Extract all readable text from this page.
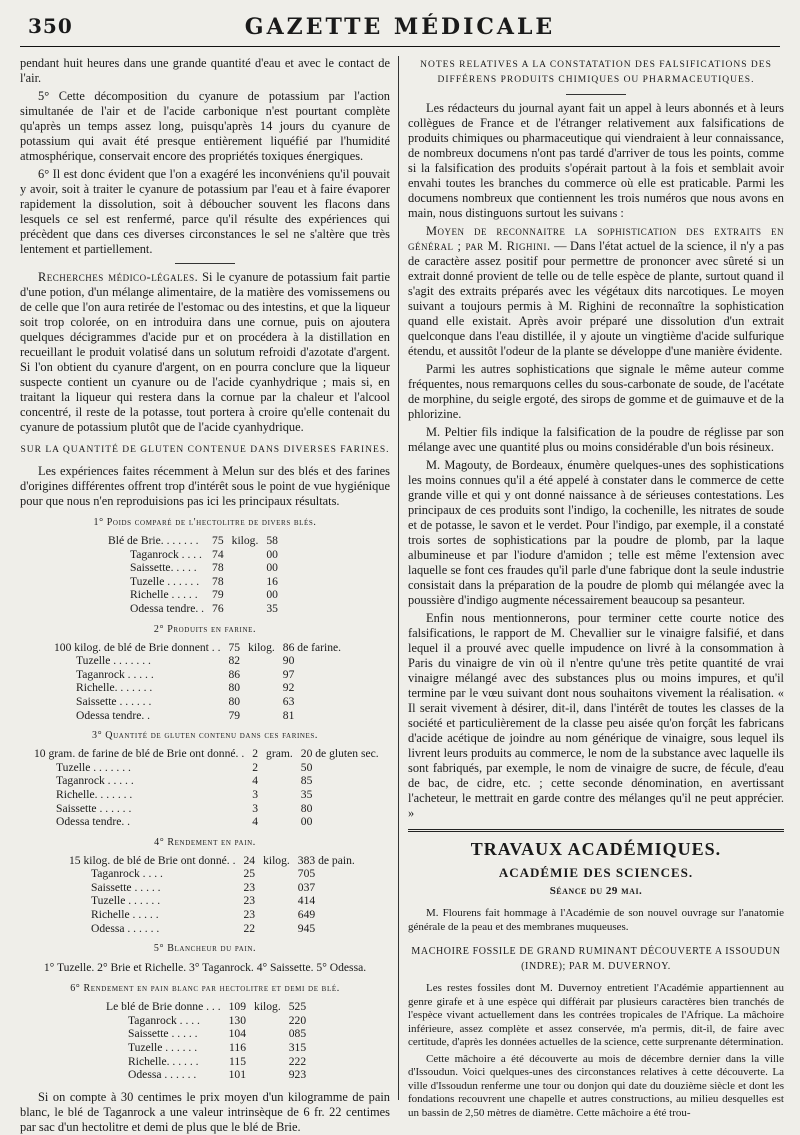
350	GAZETTE MÉDICALE

pendant huit heures dans une grande quantité d'eau et avec le contact de l'air.

5° Cette décomposition du cyanure de potassium par l'action simultanée de l'air et de l'acide carbonique n'est pourtant complète qu'après un temps assez long, puisqu'après 14 jours du cyanure de potassium qui avait été presque entièrement liquéfié par l'humidité atmosphérique, conservait encore des propriétés toxiques énergiques.

6° Il est donc évident que l'on a exagéré les inconvéniens qu'il pouvait y avoir, soit à traiter le cyanure de potassium par l'eau et à faire évaporer rapidement la dissolution, soit à déboucher souvent les flacons dans lesquels ce sel est renfermé, parce qu'il résulte des expériences qui précèdent que dans ces diverses circonstances le sel ne s'altère que très lentement et partiellement.

Recherches médico-légales. Si le cyanure de potassium fait partie d'une potion, d'un mélange alimentaire, de la matière des vomissemens ou de celle que l'on aura retirée de l'estomac ou des intestins, et que la liqueur soit trop colorée, on en introduira dans une cornue, puis on ajoutera quelques décigrammes d'acide pur et on procédera à la distillation en recueillant le produit volatisé dans un solutum refroidi d'azotate d'argent. Si l'on obtient du cyanure d'argent, on en pourra conclure que la liqueur suspecte contient un cyanure ou de l'acide cyanhydrique ; mais si, en traitant la liqueur qui restera dans la cornue par la chaleur et l'alcool concentré, il reste de la potasse, tout portera à croire qu'elle contenait du cyanure de potassium plutôt que de l'acide cyanhydrique.

SUR LA QUANTITÉ DE GLUTEN CONTENUE DANS DIVERSES FARINES.

Les expériences faites récemment à Melun sur des blés et des farines d'origines différentes offrent trop d'intérêt sous le point de vue hygiénique pour que nous n'en reproduisions pas ici les principaux résultats.

1° Poids comparé de l'hectolitre de divers blés.
Blé de Brie. . . . . . .	75	kilog.	58
Taganrock . . . .	74		00
Saissette. . . . .	78		00
Tuzelle . . . . . .	78		16
Richelle . . . . .	79		00
Odessa tendre. .	76		35
2° Produits en farine.
100 kilog. de blé de Brie donnent . .	75	kilog.	86 de farine.
Tuzelle . . . . . . .	82		90
Taganrock . . . . .	86		97
Richelle. . . . . . .	80		92
Saissette . . . . . .	80		63
Odessa tendre. .	79		81
3° Quantité de gluten contenu dans ces farines.
10 gram. de farine de blé de Brie ont donné. .	2	gram.	20 de gluten sec.
Tuzelle . . . . . . .	2		50
Taganrock . . . . .	4		85
Richelle. . . . . . .	3		35
Saissette . . . . . .	3		80
Odessa tendre. .	4		00
4° Rendement en pain.
15 kilog. de blé de Brie ont donné. .	24	kilog.	383 de pain.
Taganrock . . . .	25		705
Saissette . . . . .	23		037
Tuzelle . . . . . .	23		414
Richelle . . . . .	23		649
Odessa . . . . . .	22		945
5° Blancheur du pain.

1° Tuzelle. 2° Brie et Richelle. 3° Taganrock. 4° Saissette. 5° Odessa.

6° Rendement en pain blanc par hectolitre et demi de blé.
Le blé de Brie donne . . .	109	kilog.	525
Taganrock . . . .	130		220
Saissette . . . . .	104		085
Tuzelle . . . . . .	116		315
Richelle. . . . . .	115		222
Odessa . . . . . .	101		923

Si on compte à 30 centimes le prix moyen d'un kilogramme de pain blanc, le blé de Taganrock a une valeur intrinsèque de 6 fr. 22 centimes par sac d'un hectolitre et demi de plus que le blé de Brie.

NOTES RELATIVES A LA CONSTATATION DES FALSIFICATIONS DES DIFFÉRENS PRODUITS CHIMIQUES OU PHARMACEUTIQUES.

Les rédacteurs du journal ayant fait un appel à leurs abonnés et à leurs collègues de France et de l'étranger relativement aux falsifications de produits chimiques ou pharmaceutique qui viendraient à leur connaissance, de nombreux documens n'ont pas tardé d'arriver de tous les points, comme si la falsification des produits s'opérait partout à la fois et semblait avoir envahi toutes les branches du commerce où elle est praticable. Parmi les documens nombreux que contiennent les trois numéros que nous avons en main, nous distinguons surtout les suivans :

Moyen de reconnaitre la sophistication des extraits en général ; par M. Righini. — Dans l'état actuel de la science, il n'y a pas de caractère assez positif pour permettre de prononcer avec sûreté si un extrait donné provient de telle ou de telle espèce de plante, surtout quand il s'agit des extraits préparés avec les végétaux dits narcotiques. Le moyen suivant a toujours permis à M. Righini de reconnaître la sophistication quand elle existait. Après avoir préparé une dissolution d'un extrait quelconque dans l'eau distillée, il y ajoute un vingtième d'acide sulfurique étendu, et aussitôt l'odeur de la plante se développe d'une manière évidente.

Parmi les autres sophistications que signale le même auteur comme fréquentes, nous remarquons celles du sous-carbonate de soude, de l'acétate de morphine, du seigle ergoté, des sirops de gomme et de guimauve et de la phlorizine.

M. Peltier fils indique la falsification de la poudre de réglisse par son mélange avec une quantité plus ou moins considérable d'un bois résineux.

M. Magouty, de Bordeaux, énumère quelques-unes des sophistications les moins connues qu'il a été appelé à constater dans le commerce de cette grande ville et qui y ont donné naissance à de sérieuses contestations. Les principaux de ces produits sont l'indigo, la cochenille, les nitrates de soude et de potasse, le savon et le verdet. Pour l'indigo, par exemple, il a constaté trois sortes de sophistications par la poudre de plomb, par la laque albumineuse et par l'iodure d'amidon ; telle est même l'extension avec laquelle se font ces fraudes qu'il parle d'une fabrique dont la seule industrie consistait dans la préparation de la poudre de plomb qui mélangée avec la poussière d'indigo augmente nécessairement beaucoup sa pesanteur.

Enfin nous mentionnerons, pour terminer cette courte notice des falsifications, le rapport de M. Chevallier sur le vinaigre falsifié, et dans lequel il a prouvé avec quelle impudence on livré à la consommation à Paris du vinaigre de vin où il n'entre qu'une très petite quantité de vrai vinaigre mélangé avec des substances plus ou moins impures, et qu'il termine par le vœu suivant dont nous souhaitons vivement la réalisation. « Il serait vivement à désirer, dit-il, dans l'intérêt de toutes les classes de la société et particulièrement de la classe peu aisée qu'on forçât les fabricans d'acide acétique de joindre au nom générique de vinaigre, sous lequel ils livrent leurs produits au commerce, le nom de la substance avec laquelle ils sont fabriqués, par exemple, le nom de vinaigre de sucre, de fécule, d'eau de bac, de cidre, etc. ; cette seconde dénomination, en avertissant l'acheteur, le mettrait en garde contre des mélanges qu'il ne peut apprécier. »

TRAVAUX ACADÉMIQUES.
ACADÉMIE DES SCIENCES.
Séance du 29 mai.

M. Flourens fait hommage à l'Académie de son nouvel ouvrage sur l'anatomie générale de la peau et des membranes muqueuses.

MACHOIRE FOSSILE DE GRAND RUMINANT DÉCOUVERTE A ISSOUDUN (INDRE); PAR M. DUVERNOY.

Les restes fossiles dont M. Duvernoy entretient l'Académie appartiennent au genre girafe et à une espèce qui différait par plusieurs caractères bien tranchés de l'espèce vivant actuellement dans les contrées tropicales de l'Afrique. La mâchoire inférieure, assez complète et assez conservée, m'a permis, dit-il, de faire avec certitude, d'après les données actuelles de la science, cette surprenante détermination.

Cette mâchoire a été découverte au mois de décembre dernier dans la ville d'Issoudun. Voici quelques-unes des circonstances relatives à cette découverte. La ville d'Issoudun renferme une tour ou donjon qui date du douzième siècle et dont les fondations recouvrent une chapelle et autres constructions, au milieu desquelles est un bassin de 2,50 mètres de diamètre. Cette mâchoire a été trou-
